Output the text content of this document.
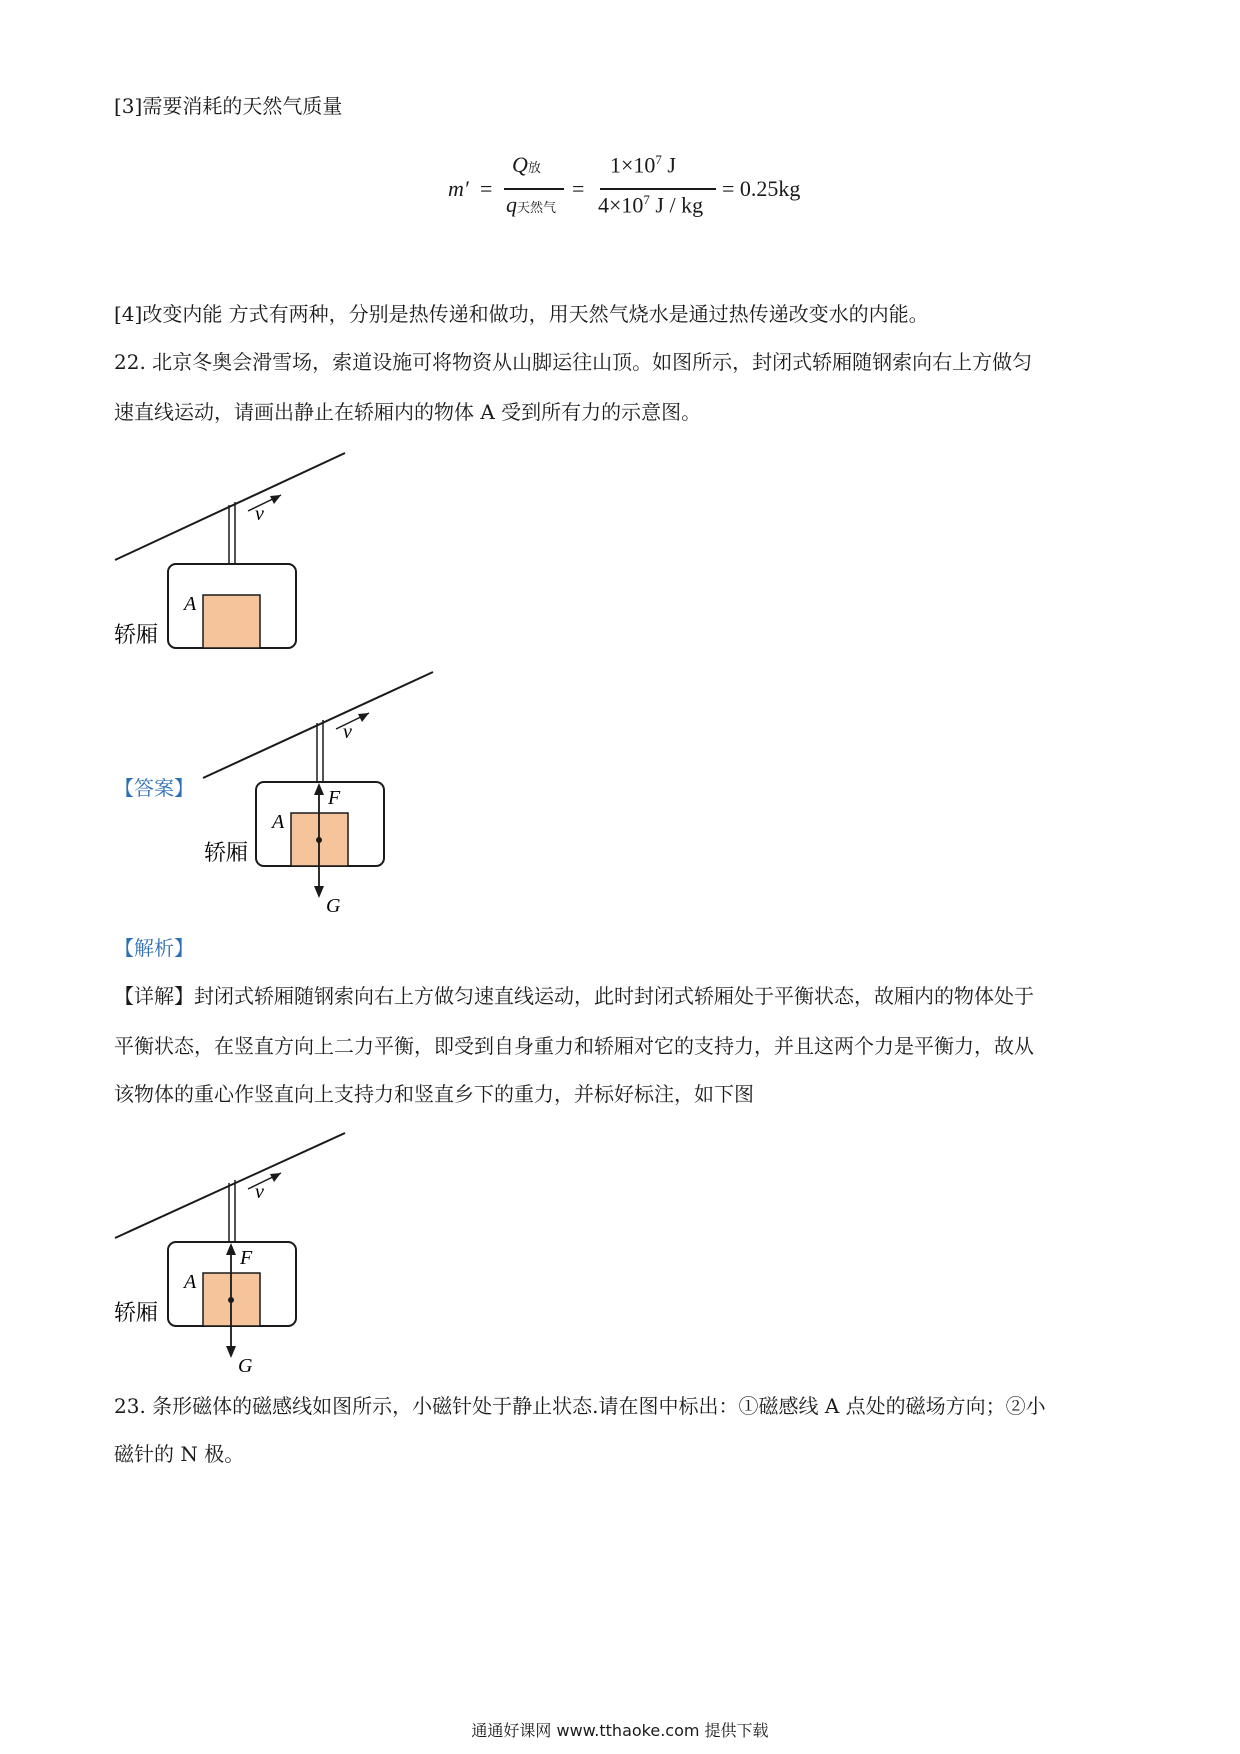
[3]需要消耗的天然气质量
m′ =
Q放
q天然气
=
$1\times 10^7$ J
$4\times 10^7$ J / kg
= 0.25kg
[4]改变内能 方式有两种，分别是热传递和做功，用天然气烧水是通过热传递改变水的内能。
22. 北京冬奥会滑雪场，索道设施可将物资从山脚运往山顶。如图所示，封闭式轿厢随钢索向右上方做匀
速直线运动，请画出静止在轿厢内的物体 A 受到所有力的示意图。
v
A
轿厢
【答案】
v
F
G
A
轿厢
【解析】
【详解】封闭式轿厢随钢索向右上方做匀速直线运动，此时封闭式轿厢处于平衡状态，故厢内的物体处于
平衡状态，在竖直方向上二力平衡，即受到自身重力和轿厢对它的支持力，并且这两个力是平衡力，故从
该物体的重心作竖直向上支持力和竖直乡下的重力，并标好标注，如下图
v
F
G
A
轿厢
23. 条形磁体的磁感线如图所示，小磁针处于静止状态.请在图中标出：①磁感线 A 点处的磁场方向；②小
磁针的 N 极。
通通好课网 www.tthaoke.com 提供下载
